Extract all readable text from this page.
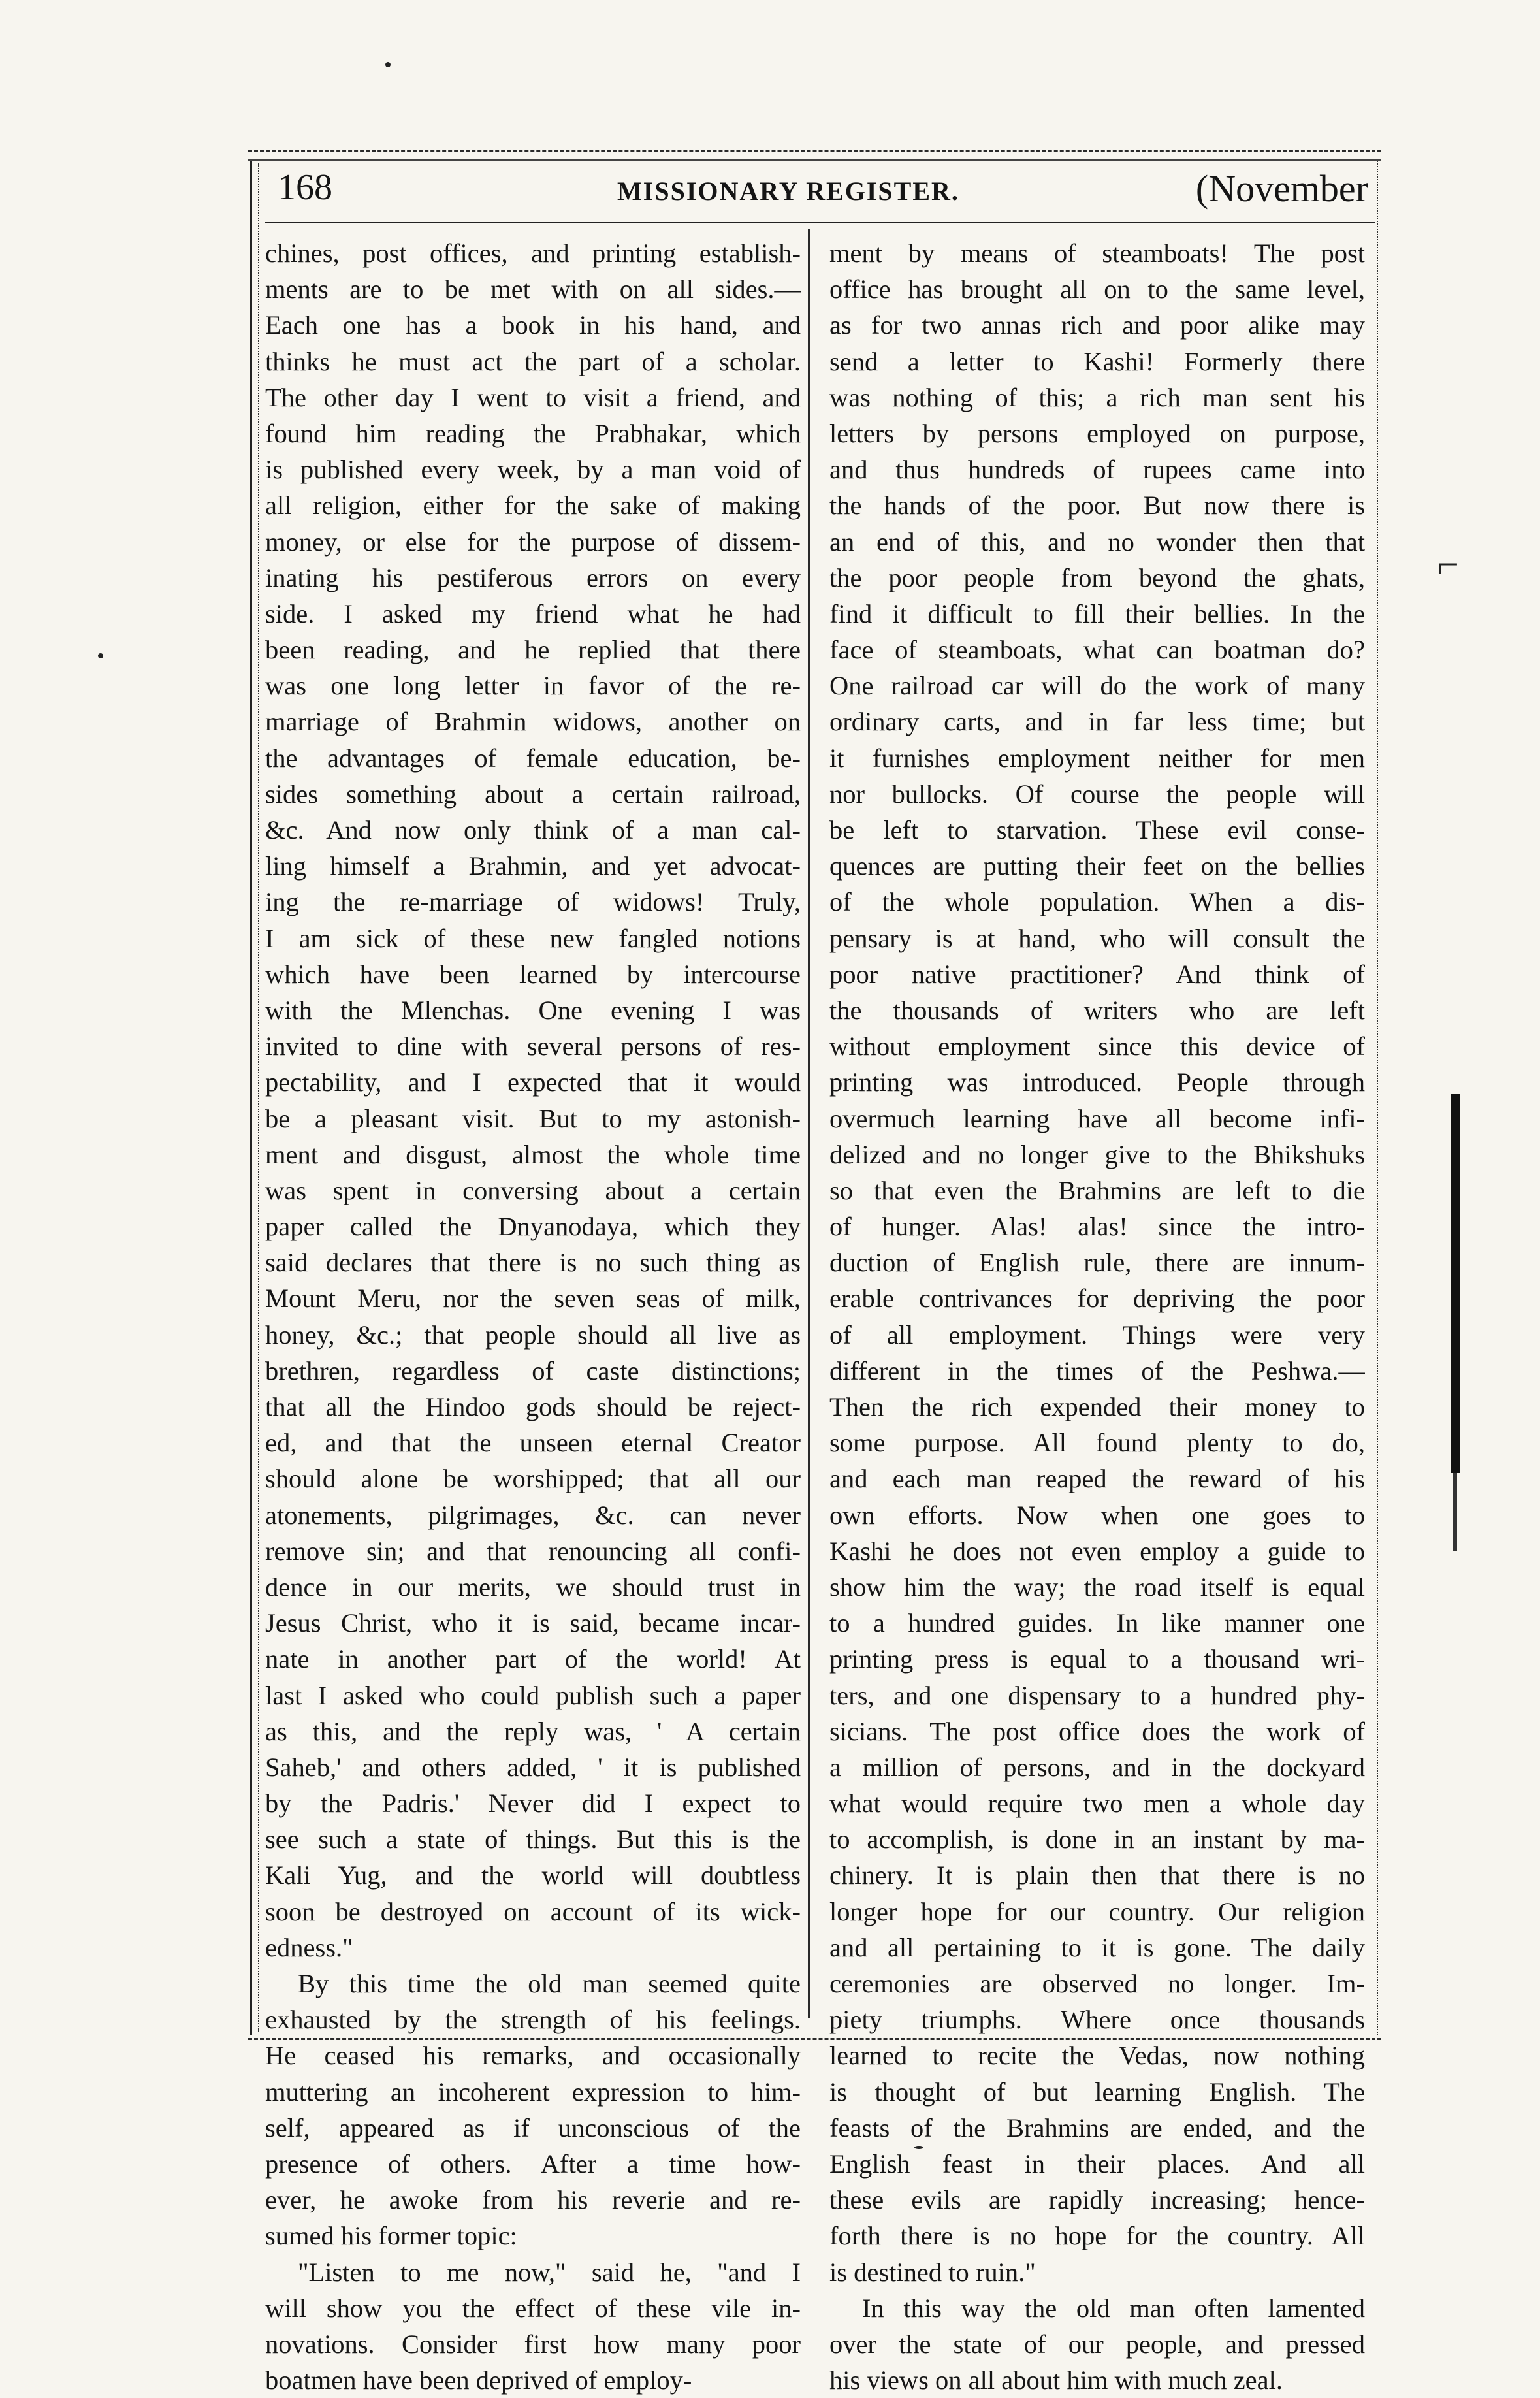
168	MISSIONARY REGISTER.	(November
chines, post offices, and printing establish-
ments are to be met with on all sides.—
Each one has a book in his hand, and
thinks he must act the part of a scholar.
The other day I went to visit a friend, and
found him reading the Prabhakar, which
is published every week, by a man void of
all religion, either for the sake of making
money, or else for the purpose of dissem-
inating his pestiferous errors on every
side. I asked my friend what he had
been reading, and he replied that there
was one long letter in favor of the re-
marriage of Brahmin widows, another on
the advantages of female education, be-
sides something about a certain railroad,
&c. And now only think of a man cal-
ling himself a Brahmin, and yet advocat-
ing the re-marriage of widows! Truly,
I am sick of these new fangled notions
which have been learned by intercourse
with the Mlenchas. One evening I was
invited to dine with several persons of res-
pectability, and I expected that it would
be a pleasant visit. But to my astonish-
ment and disgust, almost the whole time
was spent in conversing about a certain
paper called the Dnyanodaya, which they
said declares that there is no such thing as
Mount Meru, nor the seven seas of milk,
honey, &c.; that people should all live as
brethren, regardless of caste distinctions;
that all the Hindoo gods should be reject-
ed, and that the unseen eternal Creator
should alone be worshipped; that all our
atonements, pilgrimages, &c. can never
remove sin; and that renouncing all confi-
dence in our merits, we should trust in
Jesus Christ, who it is said, became incar-
nate in another part of the world! At
last I asked who could publish such a paper
as this, and the reply was, ' A certain
Saheb,' and others added, ' it is published
by the Padris.' Never did I expect to
see such a state of things. But this is the
Kali Yug, and the world will doubtless
soon be destroyed on account of its wick-
edness."
By this time the old man seemed quite
exhausted by the strength of his feelings.
He ceased his remarks, and occasionally
muttering an incoherent expression to him-
self, appeared as if unconscious of the
presence of others. After a time how-
ever, he awoke from his reverie and re-
sumed his former topic:
"Listen to me now," said he, "and I
will show you the effect of these vile in-
novations. Consider first how many poor
boatmen have been deprived of employ-
ment by means of steamboats! The post
office has brought all on to the same level,
as for two annas rich and poor alike may
send a letter to Kashi! Formerly there
was nothing of this; a rich man sent his
letters by persons employed on purpose,
and thus hundreds of rupees came into
the hands of the poor. But now there is
an end of this, and no wonder then that
the poor people from beyond the ghats,
find it difficult to fill their bellies. In the
face of steamboats, what can boatman do?
One railroad car will do the work of many
ordinary carts, and in far less time; but
it furnishes employment neither for men
nor bullocks. Of course the people will
be left to starvation. These evil conse-
quences are putting their feet on the bellies
of the whole population. When a dis-
pensary is at hand, who will consult the
poor native practitioner? And think of
the thousands of writers who are left
without employment since this device of
printing was introduced. People through
overmuch learning have all become infi-
delized and no longer give to the Bhikshuks
so that even the Brahmins are left to die
of hunger. Alas! alas! since the intro-
duction of English rule, there are innum-
erable contrivances for depriving the poor
of all employment. Things were very
different in the times of the Peshwa.—
Then the rich expended their money to
some purpose. All found plenty to do,
and each man reaped the reward of his
own efforts. Now when one goes to
Kashi he does not even employ a guide to
show him the way; the road itself is equal
to a hundred guides. In like manner one
printing press is equal to a thousand wri-
ters, and one dispensary to a hundred phy-
sicians. The post office does the work of
a million of persons, and in the dockyard
what would require two men a whole day
to accomplish, is done in an instant by ma-
chinery. It is plain then that there is no
longer hope for our country. Our religion
and all pertaining to it is gone. The daily
ceremonies are observed no longer. Im-
piety triumphs. Where once thousands
learned to recite the Vedas, now nothing
is thought of but learning English. The
feasts of the Brahmins are ended, and the
English feast in their places. And all
these evils are rapidly increasing; hence-
forth there is no hope for the country. All
is destined to ruin."
In this way the old man often lamented
over the state of our people, and pressed
his views on all about him with much zeal.
⌐
